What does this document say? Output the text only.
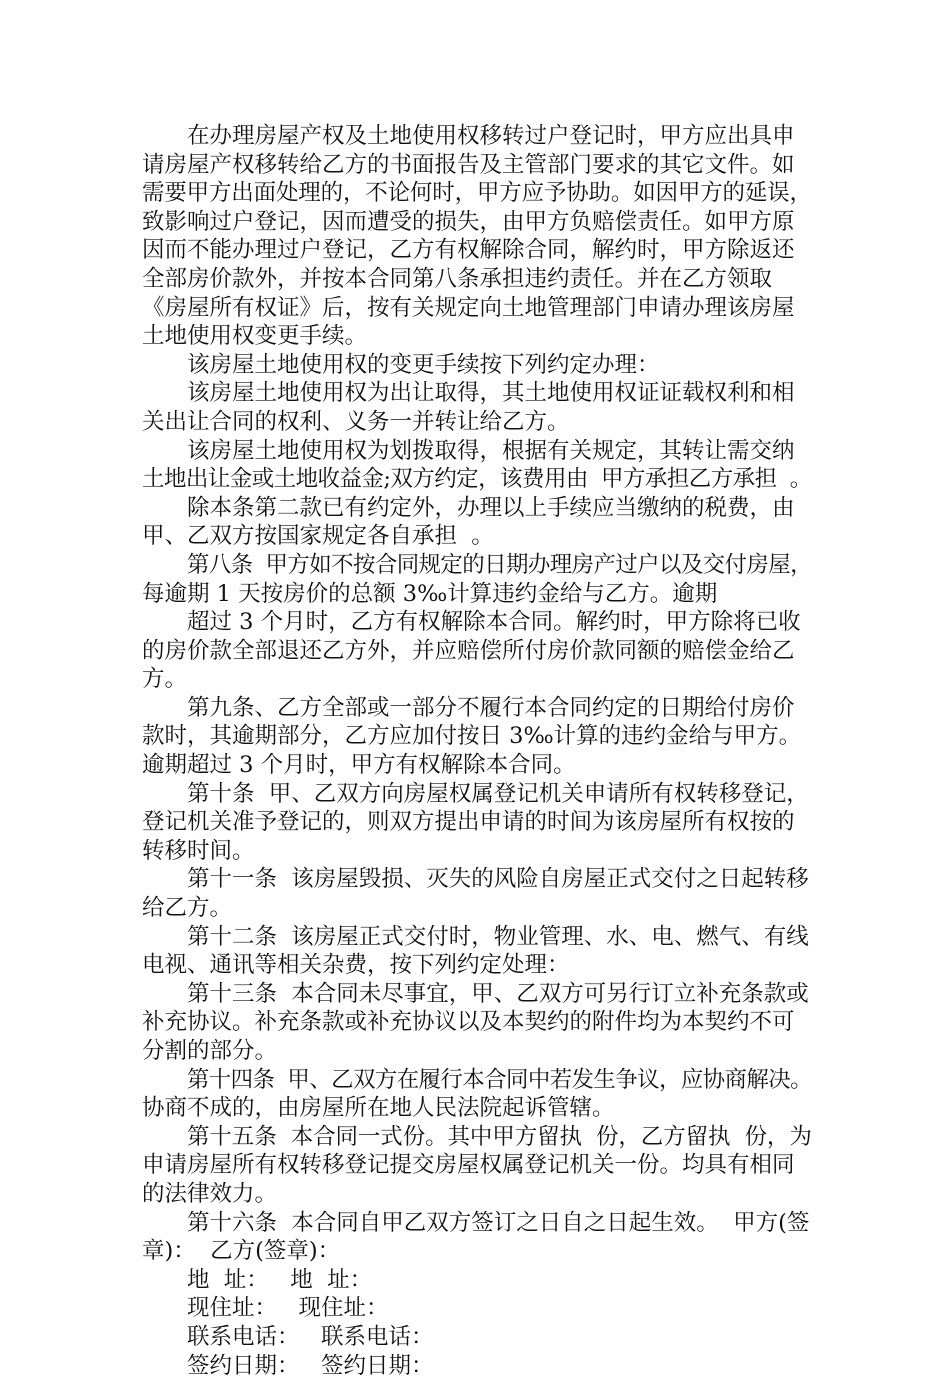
在办理房屋产权及土地使用权移转过户登记时，甲方应出具申
请房屋产权移转给乙方的书面报告及主管部门要求的其它文件。如
需要甲方出面处理的，不论何时，甲方应予协助。如因甲方的延误，
致影响过户登记，因而遭受的损失，由甲方负赔偿责任。如甲方原
因而不能办理过户登记，乙方有权解除合同，解约时，甲方除返还
全部房价款外，并按本合同第八条承担违约责任。并在乙方领取
《房屋所有权证》后，按有关规定向土地管理部门申请办理该房屋
土地使用权变更手续。
该房屋土地使用权的变更手续按下列约定办理：
该房屋土地使用权为出让取得，其土地使用权证证载权利和相
关出让合同的权利、义务一并转让给乙方。
该房屋土地使用权为划拨取得，根据有关规定，其转让需交纳
土地出让金或土地收益金;双方约定，该费用由  甲方承担乙方承担  。
除本条第二款已有约定外，办理以上手续应当缴纳的税费，由
甲、乙双方按国家规定各自承担  。
第八条  甲方如不按合同规定的日期办理房产过户以及交付房屋，
每逾期 1 天按房价的总额 3‰计算违约金给与乙方。逾期
超过 3 个月时，乙方有权解除本合同。解约时，甲方除将已收
的房价款全部退还乙方外，并应赔偿所付房价款同额的赔偿金给乙
方。
第九条、乙方全部或一部分不履行本合同约定的日期给付房价
款时，其逾期部分，乙方应加付按日 3‰计算的违约金给与甲方。
逾期超过 3 个月时，甲方有权解除本合同。
第十条  甲、乙双方向房屋权属登记机关申请所有权转移登记，
登记机关准予登记的，则双方提出申请的时间为该房屋所有权按的
转移时间。
第十一条  该房屋毁损、灭失的风险自房屋正式交付之日起转移
给乙方。
第十二条  该房屋正式交付时，物业管理、水、电、燃气、有线
电视、通讯等相关杂费，按下列约定处理：
第十三条  本合同未尽事宜，甲、乙双方可另行订立补充条款或
补充协议。补充条款或补充协议以及本契约的附件均为本契约不可
分割的部分。
第十四条  甲、乙双方在履行本合同中若发生争议，应协商解决。
协商不成的，由房屋所在地人民法院起诉管辖。
第十五条  本合同一式份。其中甲方留执  份，乙方留执  份，为
申请房屋所有权转移登记提交房屋权属登记机关一份。均具有相同
的法律效力。
第十六条  本合同自甲乙双方签订之日自之日起生效。  甲方(签
章)：  乙方(签章)：
地  址：   地  址：
现住址：   现住址：
联系电话：   联系电话：
签约日期：   签约日期：
